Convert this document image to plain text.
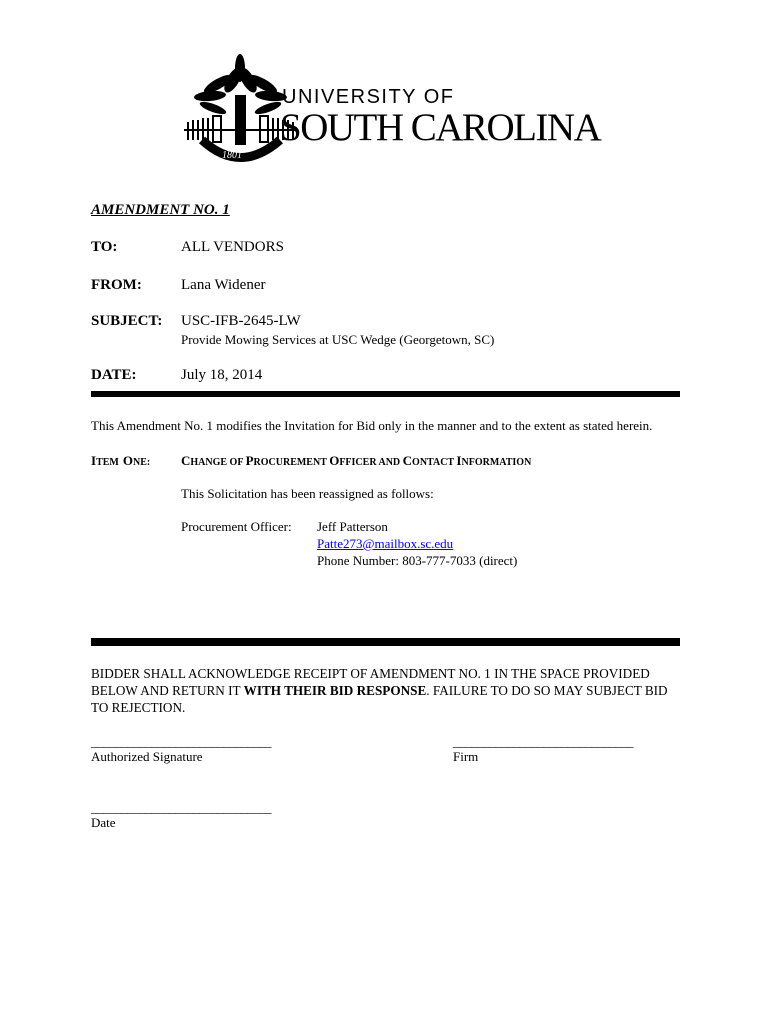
1801
UNIVERSITY OF
SOUTH CAROLINA
AMENDMENT NO. 1
TO:	ALL VENDORS
FROM:	Lana Widener
SUBJECT: USC-IFB-2645-LW
Provide Mowing Services at USC Wedge (Georgetown, SC)
DATE:	July 18, 2014
This Amendment No. 1 modifies the Invitation for Bid only in the manner and to the extent as stated herein.
ITEM ONE: CHANGE OF PROCUREMENT OFFICER AND CONTACT INFORMATION
This Solicitation has been reassigned as follows:
Procurement Officer: Jeff Patterson
Patte273@mailbox.sc.edu
Phone Number: 803-777-7033 (direct)
BIDDER SHALL ACKNOWLEDGE RECEIPT OF AMENDMENT NO. 1 IN THE SPACE PROVIDED BELOW AND RETURN IT WITH THEIR BID RESPONSE. FAILURE TO DO SO MAY SUBJECT BID TO REJECTION.
______________________________
Authorized Signature
______________________________
Firm
______________________________
Date
